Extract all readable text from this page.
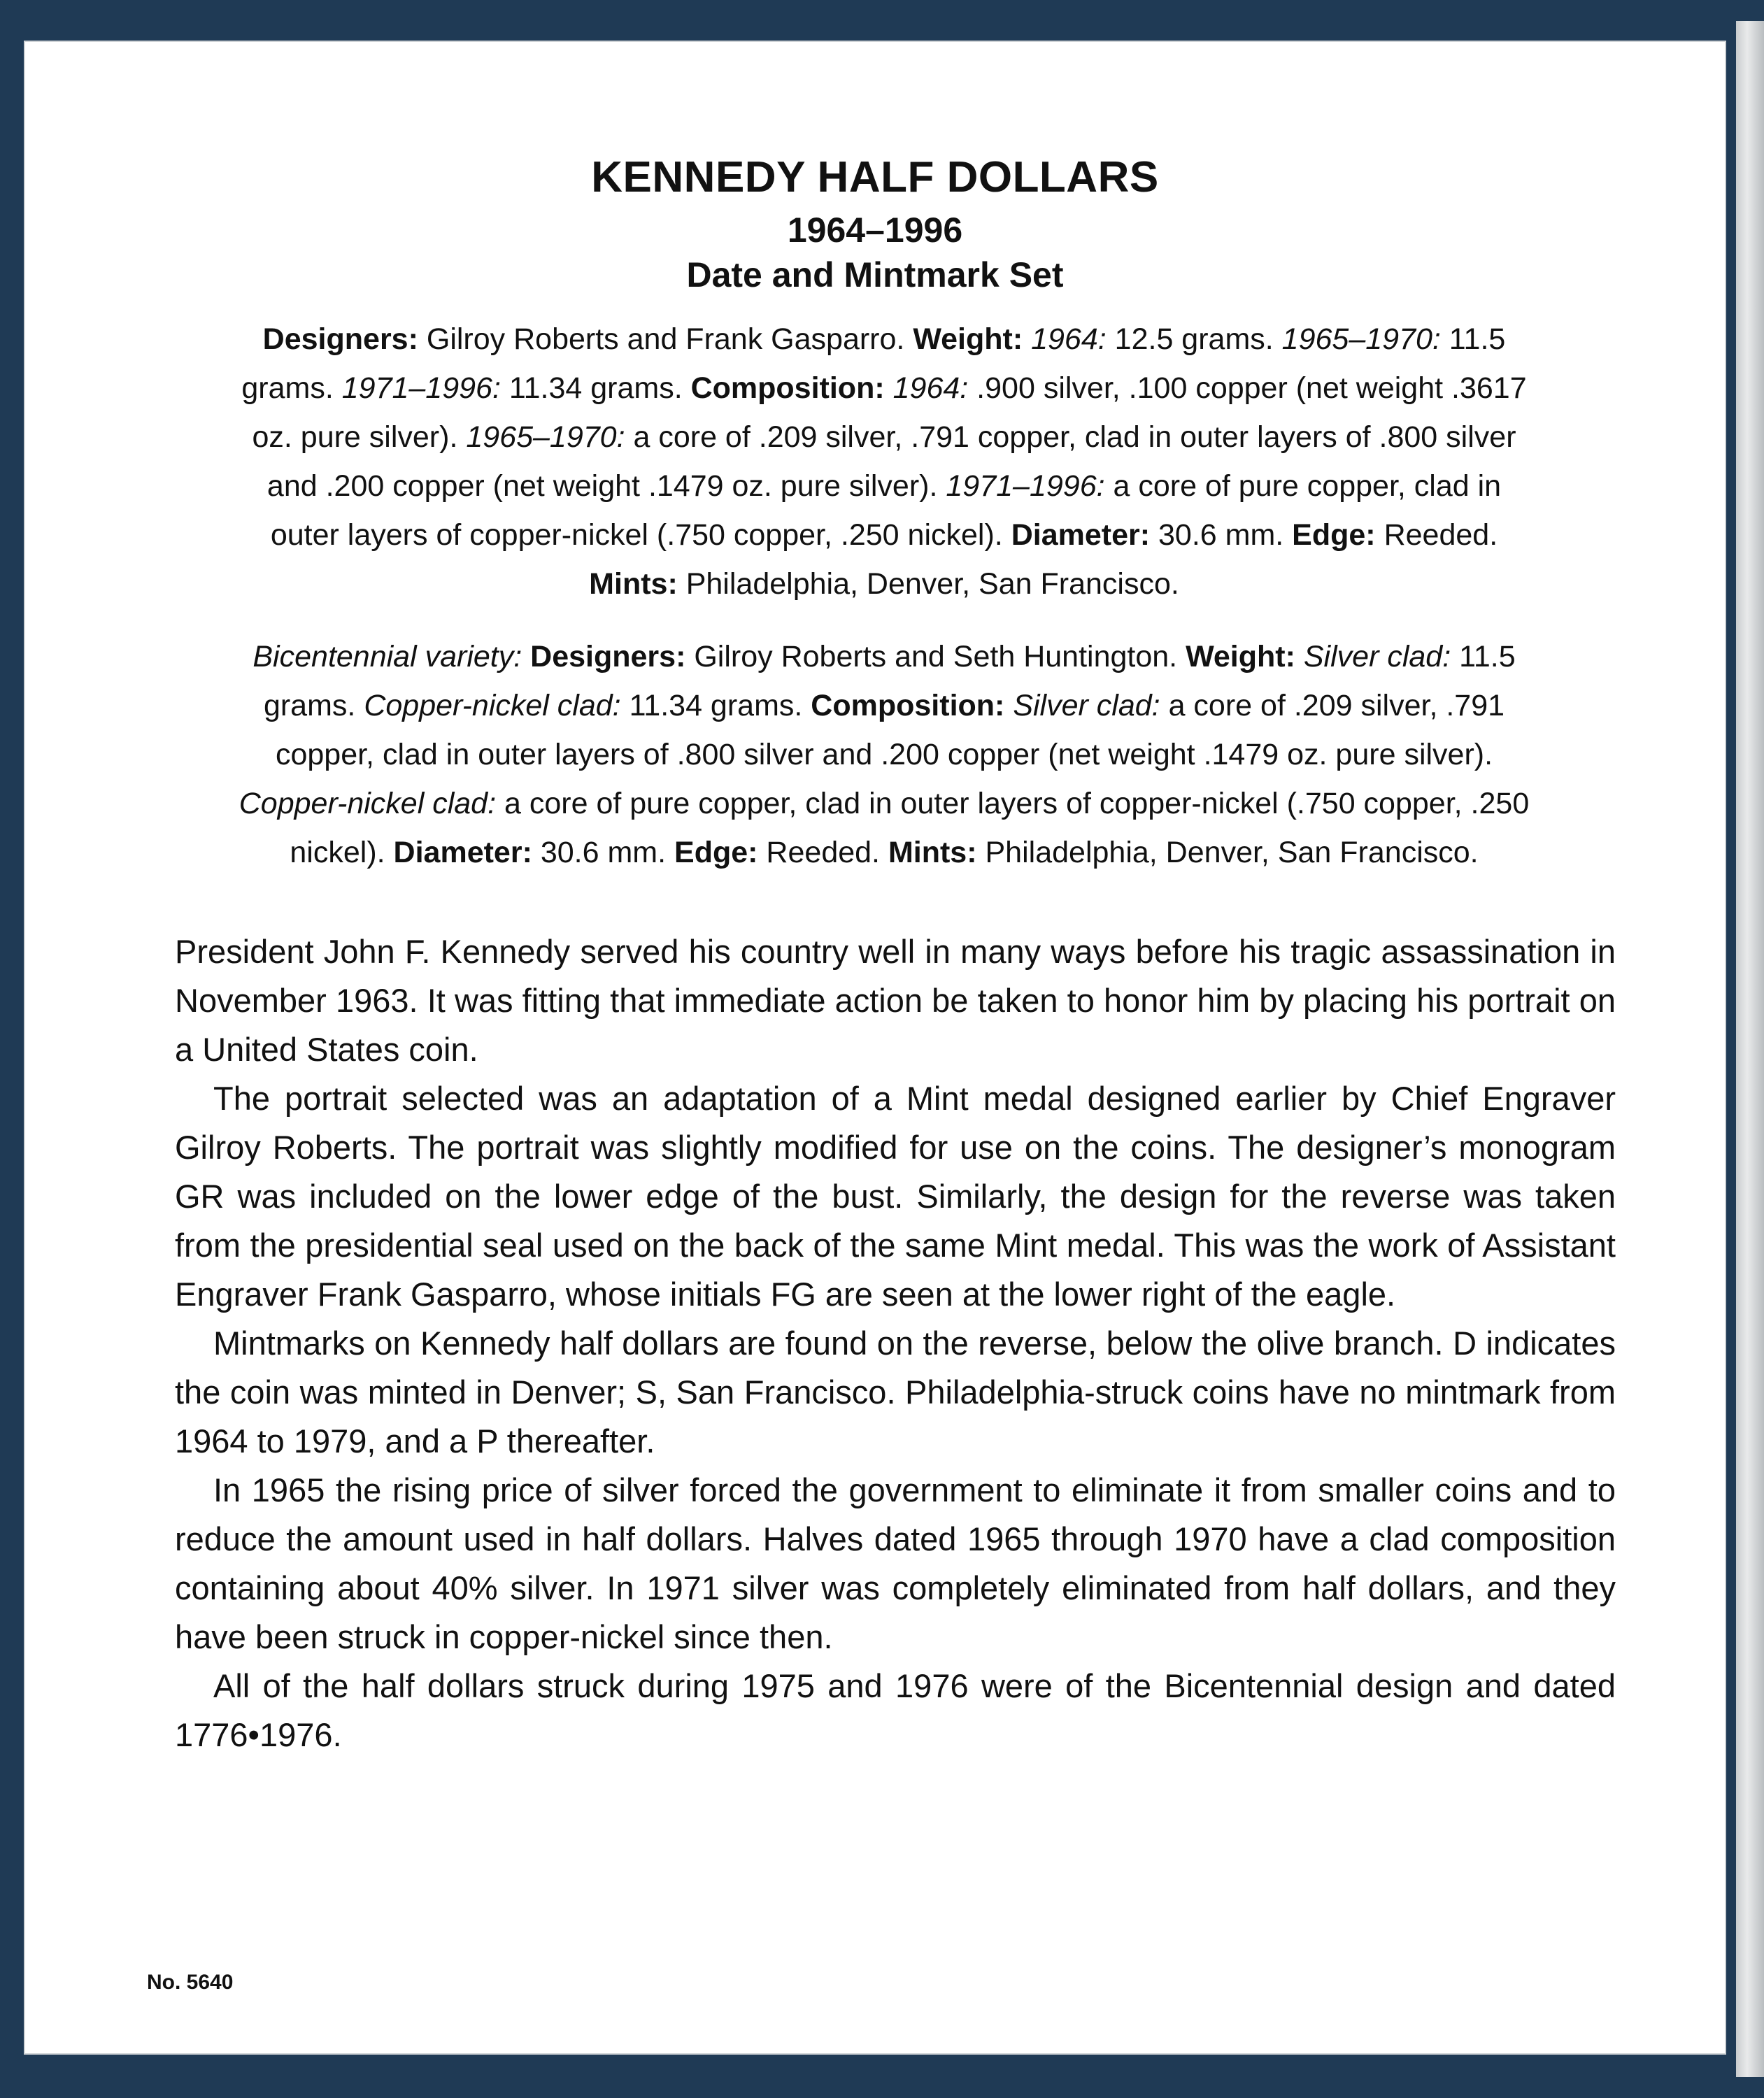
KENNEDY HALF DOLLARS
1964–1996
Date and Mintmark Set

Designers: Gilroy Roberts and Frank Gasparro. Weight: 1964: 12.5 grams. 1965–1970: 11.5 grams. 1971–1996: 11.34 grams. Composition: 1964: .900 silver, .100 copper (net weight .3617 oz. pure silver). 1965–1970: a core of .209 silver, .791 copper, clad in outer layers of .800 silver and .200 copper (net weight .1479 oz. pure silver). 1971–1996: a core of pure copper, clad in outer layers of copper-nickel (.750 copper, .250 nickel). Diameter: 30.6 mm. Edge: Reeded. Mints: Philadelphia, Denver, San Francisco.

Bicentennial variety: Designers: Gilroy Roberts and Seth Huntington. Weight: Silver clad: 11.5 grams. Copper-nickel clad: 11.34 grams. Composition: Silver clad: a core of .209 silver, .791 copper, clad in outer layers of .800 silver and .200 copper (net weight .1479 oz. pure silver). Copper-nickel clad: a core of pure copper, clad in outer layers of copper-nickel (.750 copper, .250 nickel). Diameter: 30.6 mm. Edge: Reeded. Mints: Philadelphia, Denver, San Francisco.

President John F. Kennedy served his country well in many ways before his tragic assassination in November 1963. It was fitting that immediate action be taken to honor him by placing his portrait on a United States coin.

The portrait selected was an adaptation of a Mint medal designed earlier by Chief Engraver Gilroy Roberts. The portrait was slightly modified for use on the coins. The designer’s monogram GR was included on the lower edge of the bust. Similarly, the design for the reverse was taken from the presidential seal used on the back of the same Mint medal. This was the work of Assistant Engraver Frank Gasparro, whose initials FG are seen at the lower right of the eagle.

Mintmarks on Kennedy half dollars are found on the reverse, below the olive branch. D indicates the coin was minted in Denver; S, San Francisco. Philadelphia-struck coins have no mintmark from 1964 to 1979, and a P thereafter.

In 1965 the rising price of silver forced the government to eliminate it from smaller coins and to reduce the amount used in half dollars. Halves dated 1965 through 1970 have a clad composition containing about 40% silver. In 1971 silver was completely eliminated from half dollars, and they have been struck in copper-nickel since then.

All of the half dollars struck during 1975 and 1976 were of the Bicentennial design and dated 1776•1976.

No. 5640
